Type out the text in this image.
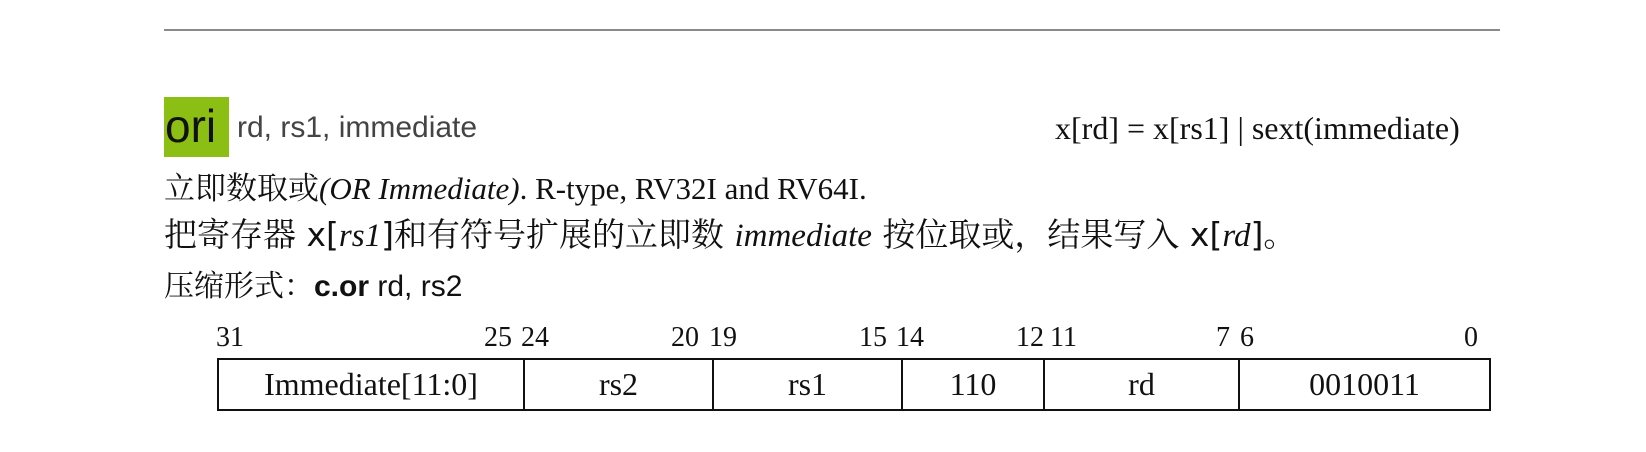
ori rd, rs1, immediate	x[rd] = x[rs1] | sext(immediate)
立即数取或(OR Immediate). R-type, RV32I and RV64I.
把寄存器 x[rs1]和有符号扩展的立即数 immediate 按位取或，结果写入 x[rd]。
压缩形式：c.or rd, rs2
31	25 24	20 19	15 14	12 11	7 6	0
Immediate[11:0]	rs2	rs1	110	rd	0010011
